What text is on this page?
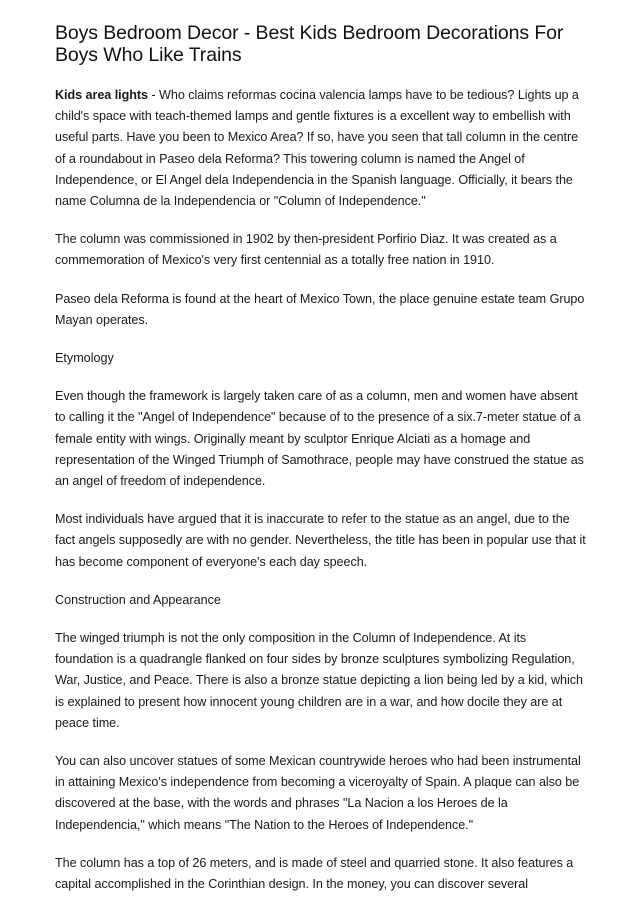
Boys Bedroom Decor - Best Kids Bedroom Decorations For Boys Who Like Trains

Kids area lights - Who claims reformas cocina valencia lamps have to be tedious? Lights up a child's space with teach-themed lamps and gentle fixtures is a excellent way to embellish with useful parts. Have you been to Mexico Area? If so, have you seen that tall column in the centre of a roundabout in Paseo dela Reforma? This towering column is named the Angel of Independence, or El Angel dela Independencia in the Spanish language. Officially, it bears the name Columna de la Independencia or "Column of Independence."

The column was commissioned in 1902 by then-president Porfirio Diaz. It was created as a commemoration of Mexico's very first centennial as a totally free nation in 1910.

Paseo dela Reforma is found at the heart of Mexico Town, the place genuine estate team Grupo Mayan operates.

Etymology

Even though the framework is largely taken care of as a column, men and women have absent to calling it the "Angel of Independence" because of to the presence of a six.7-meter statue of a female entity with wings. Originally meant by sculptor Enrique Alciati as a homage and representation of the Winged Triumph of Samothrace, people may have construed the statue as an angel of freedom of independence.

Most individuals have argued that it is inaccurate to refer to the statue as an angel, due to the fact angels supposedly are with no gender. Nevertheless, the title has been in popular use that it has become component of everyone's each day speech.

Construction and Appearance

The winged triumph is not the only composition in the Column of Independence. At its foundation is a quadrangle flanked on four sides by bronze sculptures symbolizing Regulation, War, Justice, and Peace. There is also a bronze statue depicting a lion being led by a kid, which is explained to present how innocent young children are in a war, and how docile they are at peace time.

You can also uncover statues of some Mexican countrywide heroes who had been instrumental in attaining Mexico's independence from becoming a viceroyalty of Spain. A plaque can also be discovered at the base, with the words and phrases "La Nacion a los Heroes de la Independencia," which means "The Nation to the Heroes of Independence."

The column has a top of 26 meters, and is made of steel and quarried stone. It also features a capital accomplished in the Corinthian design. In the money, you can discover several
